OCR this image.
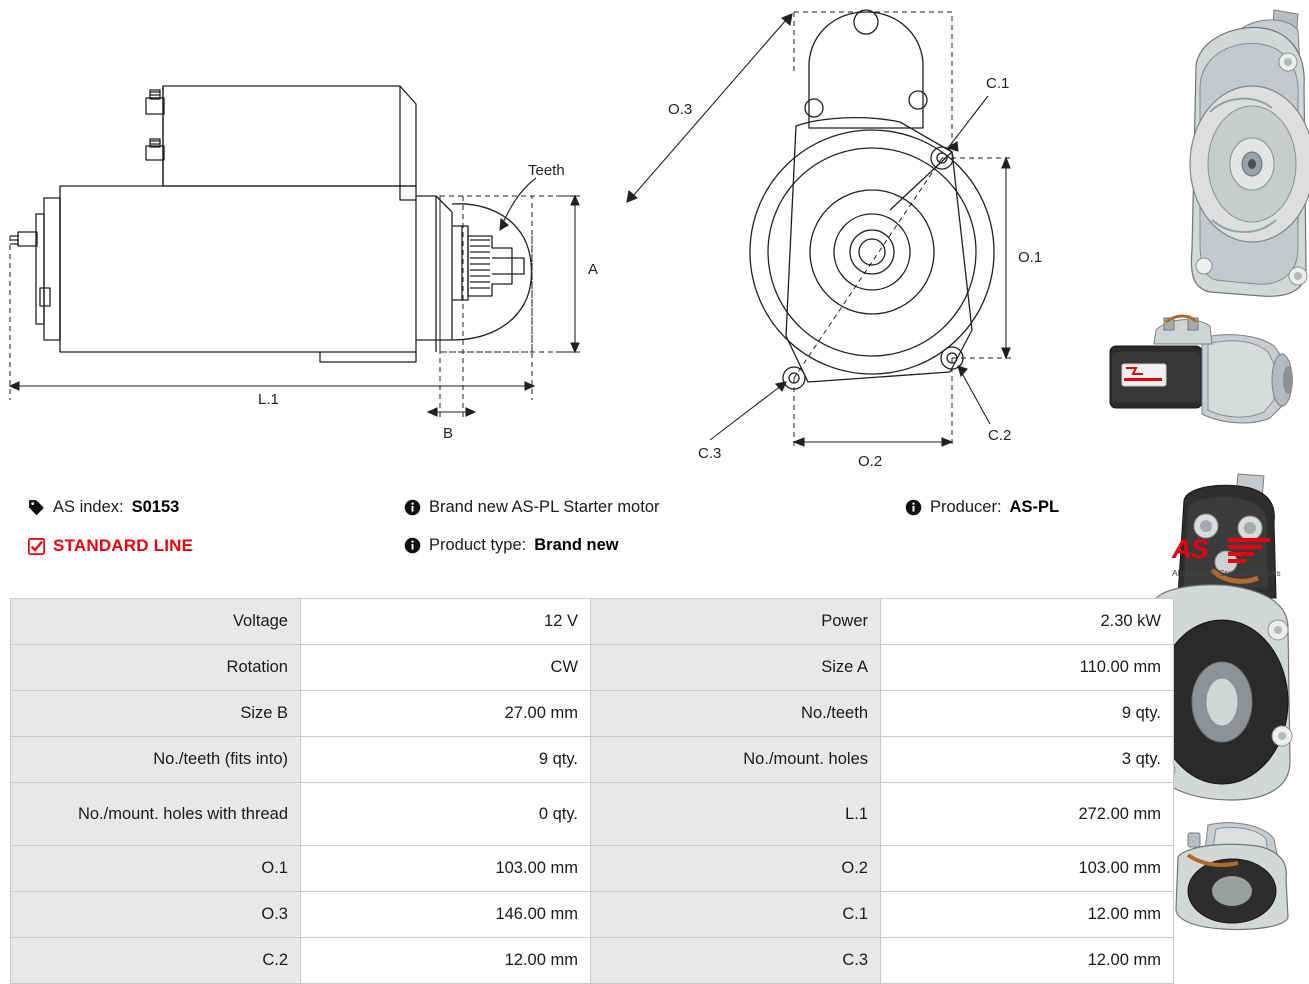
A
L.1
B
Teeth
O.1
O.2
O.3
C.1
C.2
C.3
AS index: S0153	Brand new AS-PL Starter motor	Producer: AS-PL
STANDARD LINE	Product type: Brand new	AS
Alternators, Starters & Parts
Voltage	12 V	Power	2.30 kW
Rotation	CW	Size A	110.00 mm
Size B	27.00 mm	No./teeth	9 qty.
No./teeth (fits into)	9 qty.	No./mount. holes	3 qty.
No./mount. holes with thread	0 qty.	L.1	272.00 mm
O.1	103.00 mm	O.2	103.00 mm
O.3	146.00 mm	C.1	12.00 mm
C.2	12.00 mm	C.3	12.00 mm
